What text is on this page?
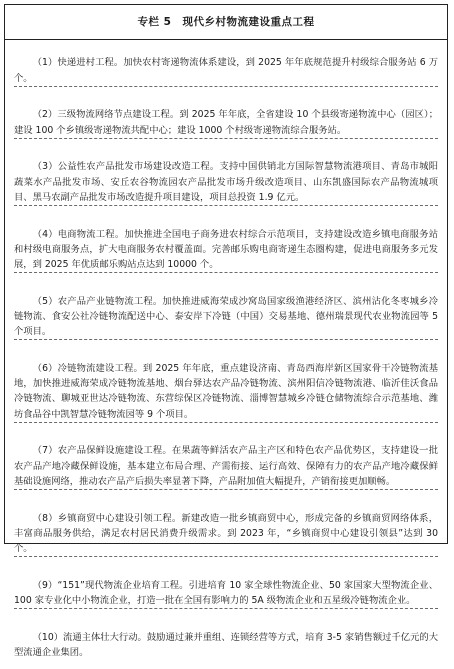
专栏 5　现代乡村物流建设重点工程

（1）快递进村工程。加快农村寄递物流体系建设，到 2025 年年底规范提升村级综合服务站 6 万个。

（2）三级物流网络节点建设工程。到 2025 年年底，全省建设 10 个县级寄递物流中心（园区）；建设 100 个乡镇级寄递物流共配中心；建设 1000 个村级寄递物流综合服务站。

（3）公益性农产品批发市场建设改造工程。支持中国供销北方国际智慧物流港项目、青岛市城阳蔬菜水产品批发市场、安丘农谷物流园农产品批发市场升级改造项目、山东凯盛国际农产品物流城项目、黑马农副产品批发市场改造提升项目建设，项目总投资 1.9 亿元。

（4）电商物流工程。加快推进全国电子商务进农村综合示范项目，支持建设改造乡镇电商服务站和村级电商服务点，扩大电商服务农村覆盖面。完善邮乐购电商寄递生态圈构建，促进电商服务多元发展，到 2025 年优质邮乐购站点达到 10000 个。

（5）农产品产业链物流工程。加快推进威海荣成沙窝岛国家级渔港经济区、滨州沾化冬枣城乡冷链物流、食安公社冷链物流配送中心、泰安岸下冷链（中国）交易基地、德州瑞景现代农业物流园等 5 个项目。

（6）冷链物流建设工程。到 2025 年年底，重点建设济南、青岛西海岸新区国家骨干冷链物流基地，加快推进威海荣成冷链物流基地、烟台驿达农产品冷链物流、滨州阳信冷链物流港、临沂佳沃食品冷链物流、聊城亚世达冷链物流、东营综保区冷链物流、淄博智慧城乡冷链仓储物流综合示范基地、潍坊食品谷中凯智慧冷链物流园等 9 个项目。

（7）农产品保鲜设施建设工程。在果蔬等鲜活农产品主产区和特色农产品优势区，支持建设一批农产品产地冷藏保鲜设施，基本建立布局合理、产需衔接、运行高效、保障有力的农产品产地冷藏保鲜基础设施网络，推动农产品产后损失率显著下降，产品附加值大幅提升，产销衔接更加顺畅。

（8）乡镇商贸中心建设引领工程。新建改造一批乡镇商贸中心，形成完备的乡镇商贸网络体系，丰富商品服务供给，满足农村居民消费升级需求。到 2023 年，“乡镇商贸中心建设引领县”达到 30 个。

（9）“151”现代物流企业培育工程。引进培育 10 家全球性物流企业、50 家国家大型物流企业、100 家专业化中小物流企业，打造一批在全国有影响力的 5A 级物流企业和五星级冷链物流企业。

（10）流通主体壮大行动。鼓励通过兼并重组、连锁经营等方式，培育 3-5 家销售额过千亿元的大型流通企业集团。
